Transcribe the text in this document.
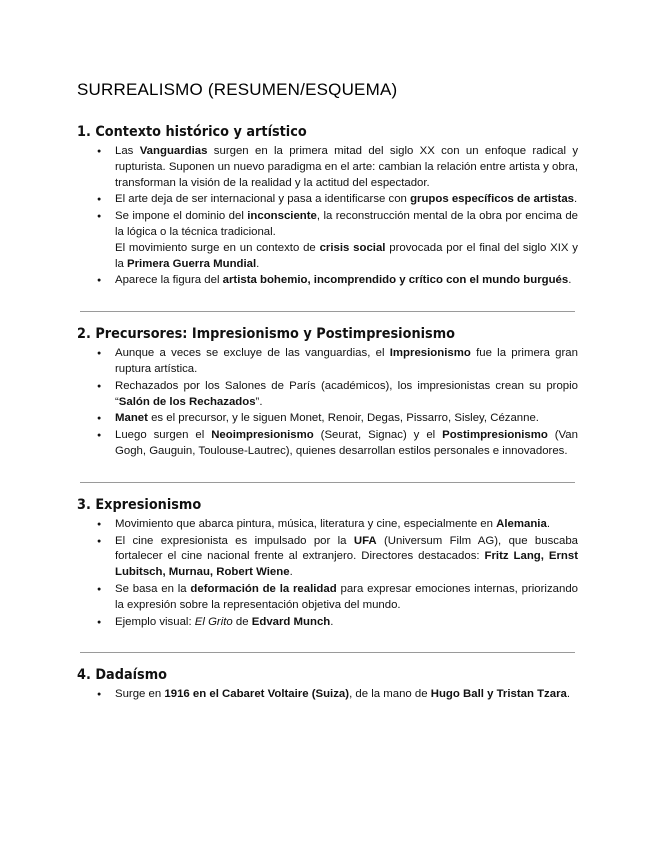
SURREALISMO (RESUMEN/ESQUEMA)
1. Contexto histórico y artístico
● Las Vanguardias surgen en la primera mitad del siglo XX con un enfoque radical y rupturista. Suponen un nuevo paradigma en el arte: cambian la relación entre artista y obra, transforman la visión de la realidad y la actitud del espectador.
● El arte deja de ser internacional y pasa a identificarse con grupos específicos de artistas.
● Se impone el dominio del inconsciente, la reconstrucción mental de la obra por encima de la lógica o la técnica tradicional.
El movimiento surge en un contexto de crisis social provocada por el final del siglo XIX y la Primera Guerra Mundial.
● Aparece la figura del artista bohemio, incomprendido y crítico con el mundo burgués.
2. Precursores: Impresionismo y Postimpresionismo
● Aunque a veces se excluye de las vanguardias, el Impresionismo fue la primera gran ruptura artística.
● Rechazados por los Salones de París (académicos), los impresionistas crean su propio “Salón de los Rechazados”.
● Manet es el precursor, y le siguen Monet, Renoir, Degas, Pissarro, Sisley, Cézanne.
● Luego surgen el Neoimpresionismo (Seurat, Signac) y el Postimpresionismo (Van Gogh, Gauguin, Toulouse-Lautrec), quienes desarrollan estilos personales e innovadores.
3. Expresionismo
● Movimiento que abarca pintura, música, literatura y cine, especialmente en Alemania.
● El cine expresionista es impulsado por la UFA (Universum Film AG), que buscaba fortalecer el cine nacional frente al extranjero. Directores destacados: Fritz Lang, Ernst Lubitsch, Murnau, Robert Wiene.
● Se basa en la deformación de la realidad para expresar emociones internas, priorizando la expresión sobre la representación objetiva del mundo.
● Ejemplo visual: El Grito de Edvard Munch.
4. Dadaísmo
● Surge en 1916 en el Cabaret Voltaire (Suiza), de la mano de Hugo Ball y Tristan Tzara.
